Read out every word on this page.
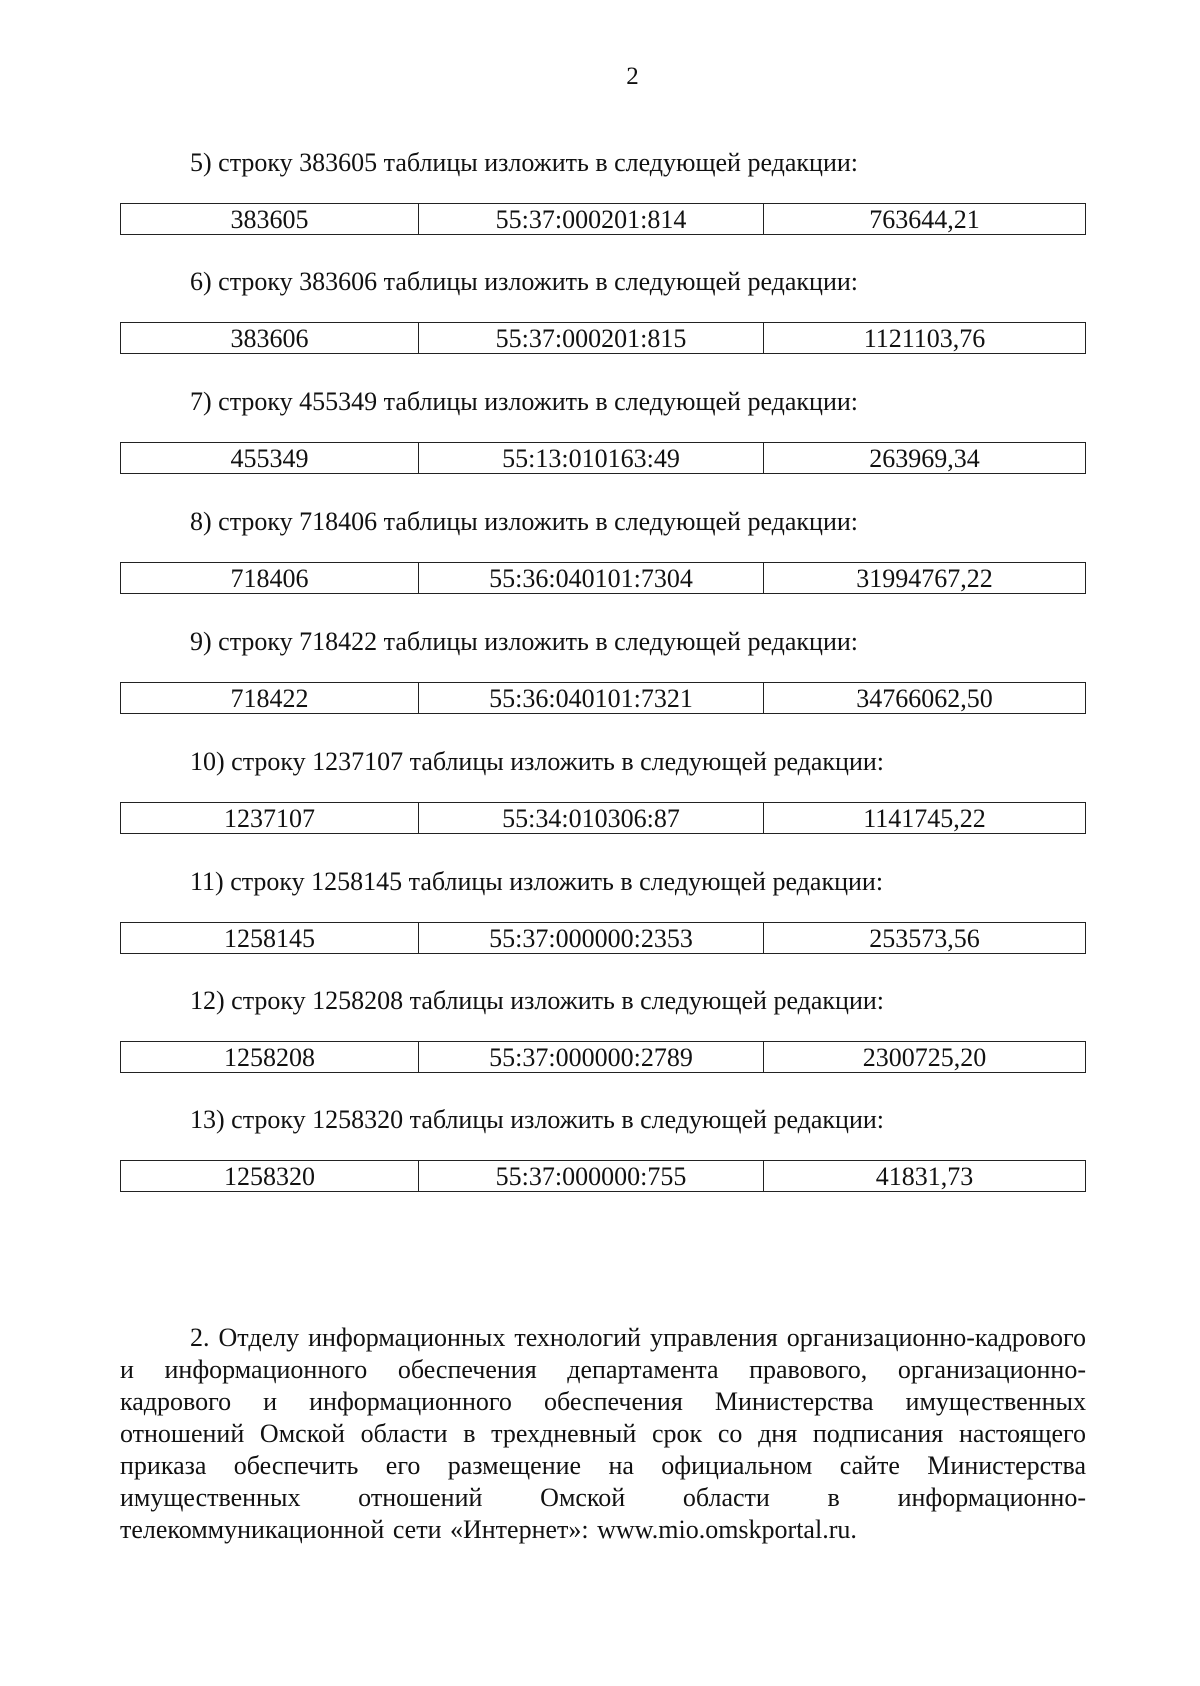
2
5) строку 383605 таблицы изложить в следующей редакции:
383605	55:37:000201:814	763644,21
6) строку 383606 таблицы изложить в следующей редакции:
383606	55:37:000201:815	1121103,76
7) строку 455349 таблицы изложить в следующей редакции:
455349	55:13:010163:49	263969,34
8) строку 718406 таблицы изложить в следующей редакции:
718406	55:36:040101:7304	31994767,22
9) строку 718422 таблицы изложить в следующей редакции:
718422	55:36:040101:7321	34766062,50
10) строку 1237107 таблицы изложить в следующей редакции:
1237107	55:34:010306:87	1141745,22
11) строку 1258145 таблицы изложить в следующей редакции:
1258145	55:37:000000:2353	253573,56
12) строку 1258208 таблицы изложить в следующей редакции:
1258208	55:37:000000:2789	2300725,20
13) строку 1258320 таблицы изложить в следующей редакции:
1258320	55:37:000000:755	41831,73
2. Отделу информационных технологий управления организационно-кадрового и информационного обеспечения департамента правового, организационно-кадрового и информационного обеспечения Министерства имущественных отношений Омской области в трехдневный срок со дня подписания настоящего приказа обеспечить его размещение на официальном сайте Министерства имущественных отношений Омской области в информационно-телекоммуникационной сети «Интернет»: www.mio.omskportal.ru.
